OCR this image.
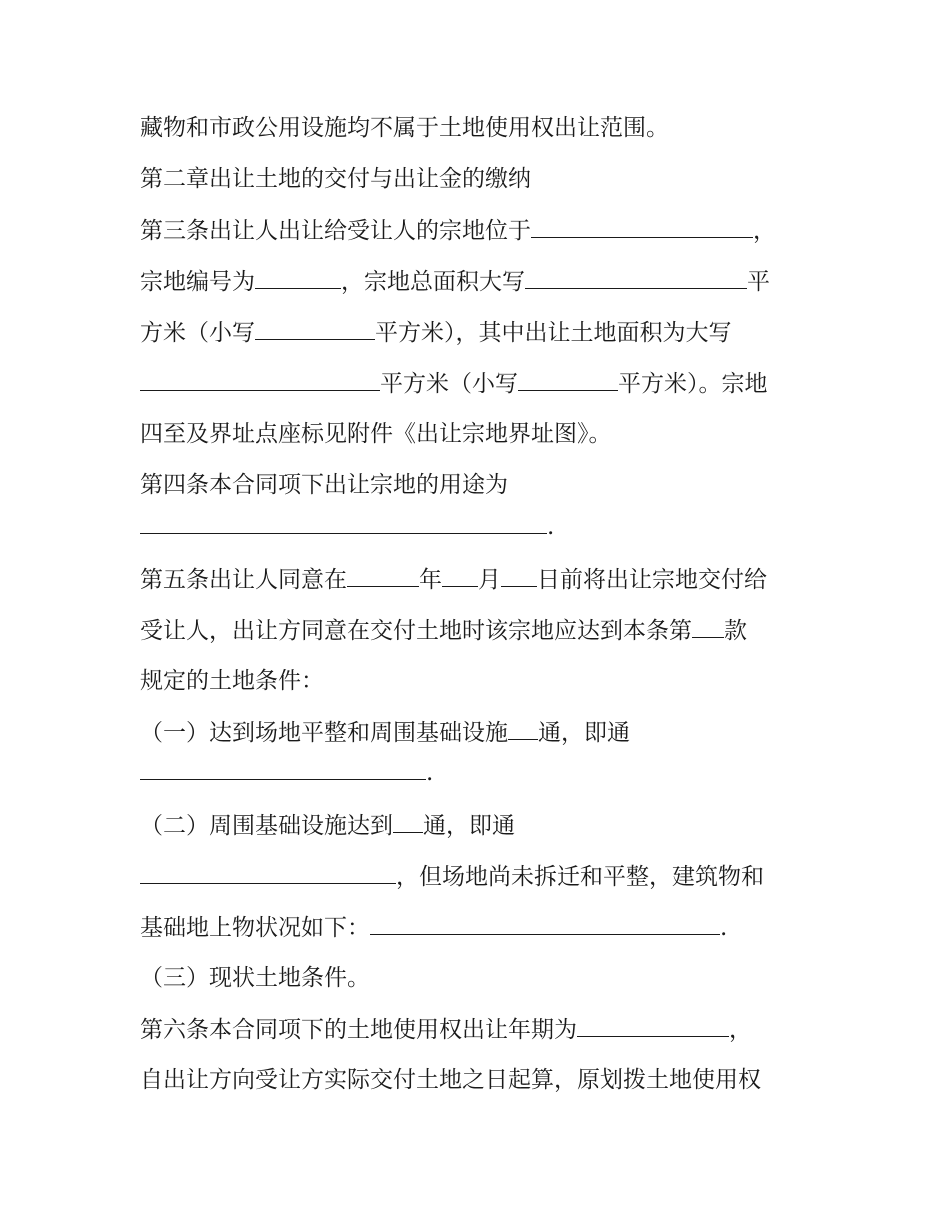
藏物和市政公用设施均不属于土地使用权出让范围。
第二章出让土地的交付与出让金的缴纳
第三条出让人出让给受让人的宗地位于	，
宗地编号为	，宗地总面积大写	平
方米（小写	平方米），其中出让土地面积为大写
平方米（小写	平方米）。宗地
四至及界址点座标见附件《出让宗地界址图》。
第四条本合同项下出让宗地的用途为
.
第五条出让人同意在	年 月 日前将出让宗地交付给
受让人，出让方同意在交付土地时该宗地应达到本条第 款
规定的土地条件：
（一）达到场地平整和周围基础设施 通，即通
.
（二）周围基础设施达到 通，即通
，但场地尚未拆迁和平整，建筑物和
基础地上物状况如下：	.
（三）现状土地条件。
第六条本合同项下的土地使用权出让年期为	，
自出让方向受让方实际交付土地之日起算，原划拨土地使用权
